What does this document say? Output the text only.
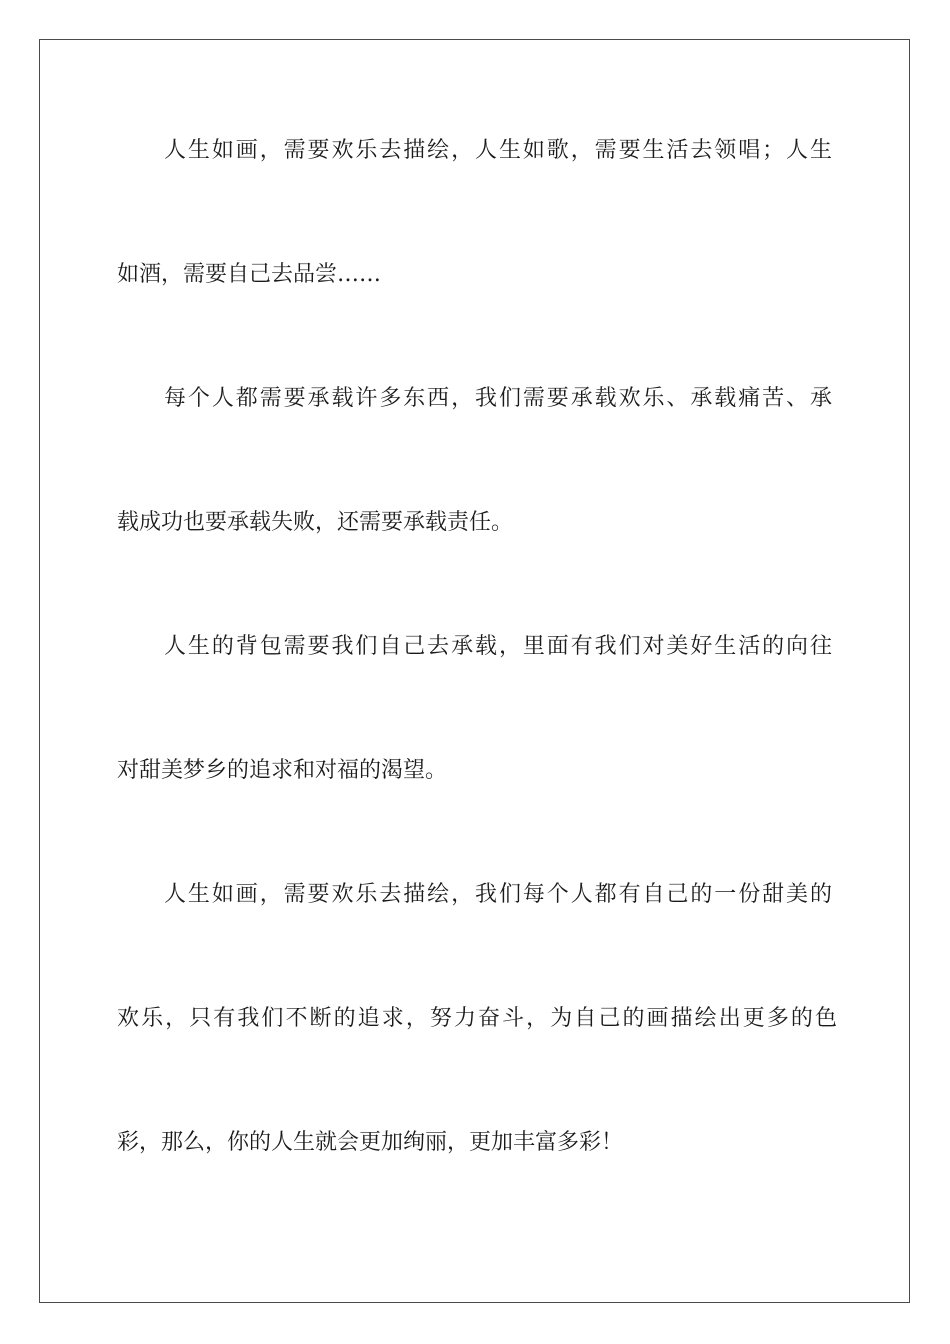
人生如画，需要欢乐去描绘，人生如歌，需要生活去领唱；人生
如酒，需要自己去品尝……
每个人都需要承载许多东西，我们需要承载欢乐、承载痛苦、承
载成功也要承载失败，还需要承载责任。
人生的背包需要我们自己去承载，里面有我们对美好生活的向往
对甜美梦乡的追求和对福的渴望。
人生如画，需要欢乐去描绘，我们每个人都有自己的一份甜美的
欢乐，只有我们不断的追求，努力奋斗，为自己的画描绘出更多的色
彩，那么，你的人生就会更加绚丽，更加丰富多彩！
